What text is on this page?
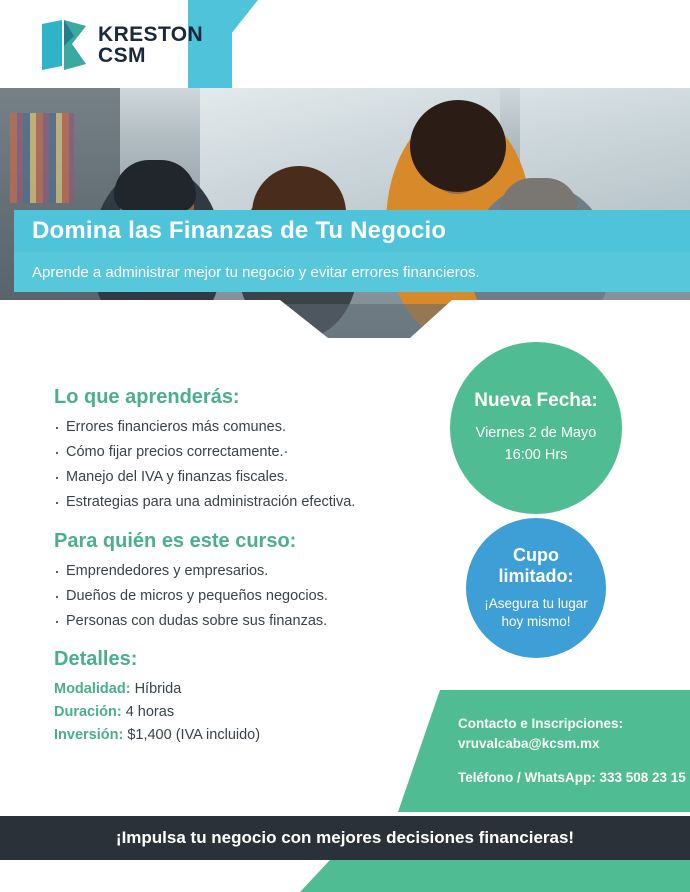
KRESTON
CSM
Domina las Finanzas de Tu Negocio

Aprende a administrar mejor tu negocio y evitar errores financieros.

Lo que aprenderás:
· Errores financieros más comunes.
· Cómo fijar precios correctamente.·
· Manejo del IVA y finanzas fiscales.
· Estrategias para una administración efectiva.
Para quién es este curso:
· Emprendedores y empresarios.
· Dueños de micros y pequeños negocios.
· Personas con dudas sobre sus finanzas.
Detalles:
Modalidad: Híbrida
Duración: 4 horas
Inversión: $1,400 (IVA incluido)
Nueva Fecha:
Viernes 2 de Mayo
16:00 Hrs
Cupo
limitado:
¡Asegura tu lugar
hoy mismo!
Contacto e Inscripciones:
vruvalcaba@kcsm.mx
Teléfono / WhatsApp: 333 508 23 15
¡Impulsa tu negocio con mejores decisiones financieras!
